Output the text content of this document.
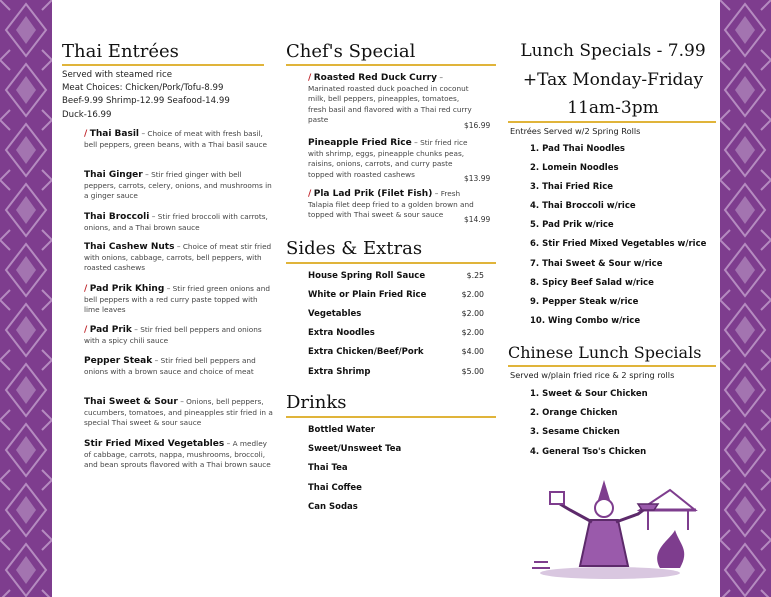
Thai Entrées
Served with steamed rice
Meat Choices: Chicken/Pork/Tofu-8.99
Beef-9.99 Shrimp-12.99 Seafood-14.99
Duck-16.99
/ Thai Basil – Choice of meat with fresh basil, bell peppers, green beans, with a Thai basil sauce
Thai Ginger – Stir fried ginger with bell peppers, carrots, celery, onions, and mushrooms in a ginger sauce
Thai Broccoli – Stir fried broccoli with carrots, onions, and a Thai brown sauce
Thai Cashew Nuts – Choice of meat stir fried with onions, cabbage, carrots, bell peppers, with roasted cashews
/ Pad Prik Khing – Stir fried green onions and bell peppers with a red curry paste topped with lime leaves
/ Pad Prik – Stir fried bell peppers and onions with a spicy chili sauce
Pepper Steak – Stir fried bell peppers and onions with a brown sauce and choice of meat
Thai Sweet & Sour – Onions, bell peppers, cucumbers, tomatoes, and pineapples stir fried in a special Thai sweet & sour sauce
Stir Fried Mixed Vegetables – A medley of cabbage, carrots, nappa, mushrooms, broccoli, and bean sprouts flavored with a Thai brown sauce
Chef's Special
/ Roasted Red Duck Curry – Marinated roasted duck poached in coconut milk, bell peppers, pineapples, tomatoes, fresh basil and flavored with a Thai red curry paste
$16.99
Pineapple Fried Rice – Stir fried rice with shrimp, eggs, pineapple chunks peas, raisins, onions, carrots, and curry paste topped with roasted cashews	$13.99
/ Pla Lad Prik (Filet Fish) – Fresh Talapia filet deep fried to a golden brown and topped with Thai sweet & sour sauce
$14.99
Sides & Extras
House Spring Roll Sauce	$.25
White or Plain Fried Rice	$2.00
Vegetables	$2.00
Extra Noodles	$2.00
Extra Chicken/Beef/Pork	$4.00
Extra Shrimp	$5.00
Drinks
Bottled Water
Sweet/Unsweet Tea
Thai Tea
Thai Coffee
Can Sodas
Lunch Specials - 7.99
+Tax Monday-Friday
11am-3pm
Entrées Served w/2 Spring Rolls
1. Pad Thai Noodles
2. Lomein Noodles
3. Thai Fried Rice
4. Thai Broccoli w/rice
5. Pad Prik w/rice
6. Stir Fried Mixed Vegetables w/rice
7. Thai Sweet & Sour w/rice
8. Spicy Beef Salad w/rice
9. Pepper Steak w/rice
10. Wing Combo w/rice
Chinese Lunch Specials
Served w/plain fried rice & 2 spring rolls
1. Sweet & Sour Chicken
2. Orange Chicken
3. Sesame Chicken
4. General Tso's Chicken
